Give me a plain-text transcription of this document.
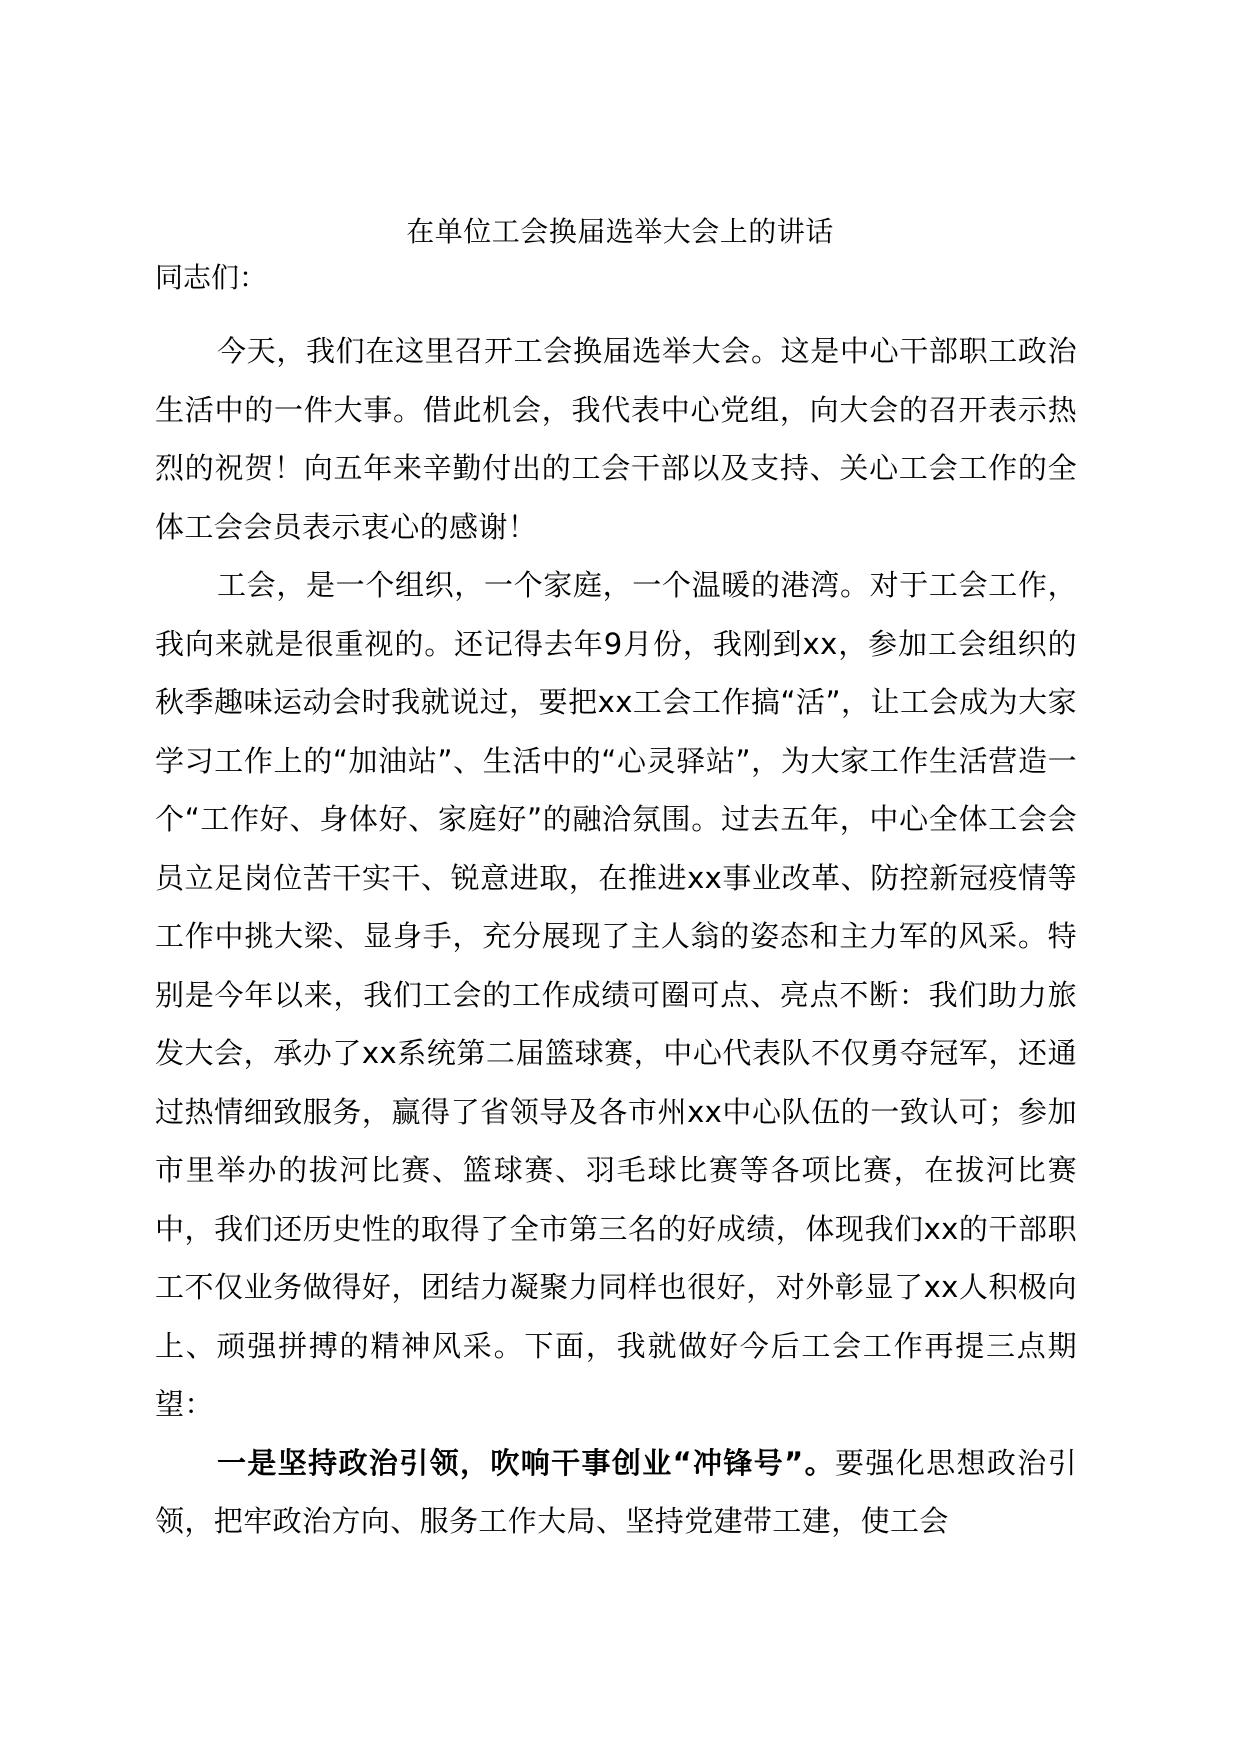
在单位工会换届选举大会上的讲话

同志们：

今天，我们在这里召开工会换届选举大会。这是中心干部职工政治生活中的一件大事。借此机会，我代表中心党组，向大会的召开表示热烈的祝贺！向五年来辛勤付出的工会干部以及支持、关心工会工作的全体工会会员表示衷心的感谢！

工会，是一个组织，一个家庭，一个温暖的港湾。对于工会工作，我向来就是很重视的。还记得去年9月份，我刚到xx，参加工会组织的秋季趣味运动会时我就说过，要把xx工会工作搞“活”，让工会成为大家学习工作上的“加油站”、生活中的“心灵驿站”，为大家工作生活营造一个“工作好、身体好、家庭好”的融洽氛围。过去五年，中心全体工会会员立足岗位苦干实干、锐意进取，在推进xx事业改革、防控新冠疫情等工作中挑大梁、显身手，充分展现了主人翁的姿态和主力军的风采。特别是今年以来，我们工会的工作成绩可圈可点、亮点不断：我们助力旅发大会，承办了xx系统第二届篮球赛，中心代表队不仅勇夺冠军，还通过热情细致服务，赢得了省领导及各市州xx中心队伍的一致认可；参加市里举办的拔河比赛、篮球赛、羽毛球比赛等各项比赛，在拔河比赛中，我们还历史性的取得了全市第三名的好成绩，体现我们xx的干部职工不仅业务做得好，团结力凝聚力同样也很好，对外彰显了xx人积极向上、顽强拼搏的精神风采。下面，我就做好今后工会工作再提三点期望：

一是坚持政治引领，吹响干事创业“冲锋号”。要强化思想政治引领，把牢政治方向、服务工作大局、坚持党建带工建，使工会
